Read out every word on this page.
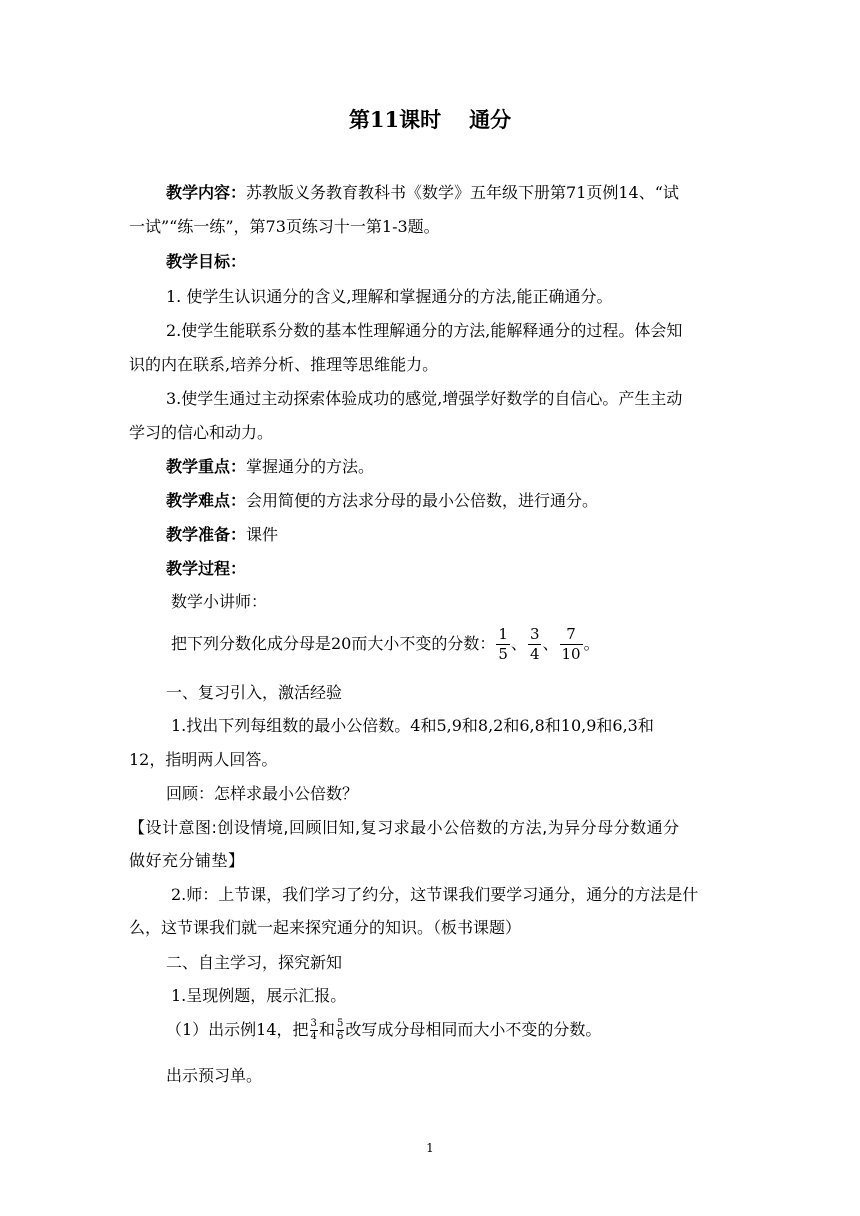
第11课时 通分
教学内容：苏教版义务教育教科书《数学》五年级下册第71页例14、“试
一试”“练一练”，第73页练习十一第1-3题。
教学目标：
1. 使学生认识通分的含义,理解和掌握通分的方法,能正确通分。
2.使学生能联系分数的基本性理解通分的方法,能解释通分的过程。体会知
识的内在联系,培养分析、推理等思维能力。
3.使学生通过主动探索体验成功的感觉,增强学好数学的自信心。产生主动
学习的信心和动力。
教学重点：掌握通分的方法。
教学难点：会用简便的方法求分母的最小公倍数，进行通分。
教学准备：课件
教学过程：
数学小讲师：
把下列分数化成分母是20而大小不变的分数： $\frac{1}{5}$ 、 $\frac{3}{4}$ 、 $\frac{7}{10}$ 。
一、复习引入，激活经验
1.找出下列每组数的最小公倍数。4和5,9和8,2和6,8和10,9和6,3和
12，指明两人回答。
回顾：怎样求最小公倍数？
【设计意图:创设情境,回顾旧知,复习求最小公倍数的方法,为异分母分数通分
做好充分铺垫】
2.师：上节课，我们学习了约分，这节课我们要学习通分，通分的方法是什
么，这节课我们就一起来探究通分的知识。（板书课题）
二、自主学习，探究新知
1.呈现例题，展示汇报。
（1）出示例14，把 $\frac{3}{4}$ 和 $\frac{5}{6}$ 改写成分母相同而大小不变的分数。
出示预习单。
1
